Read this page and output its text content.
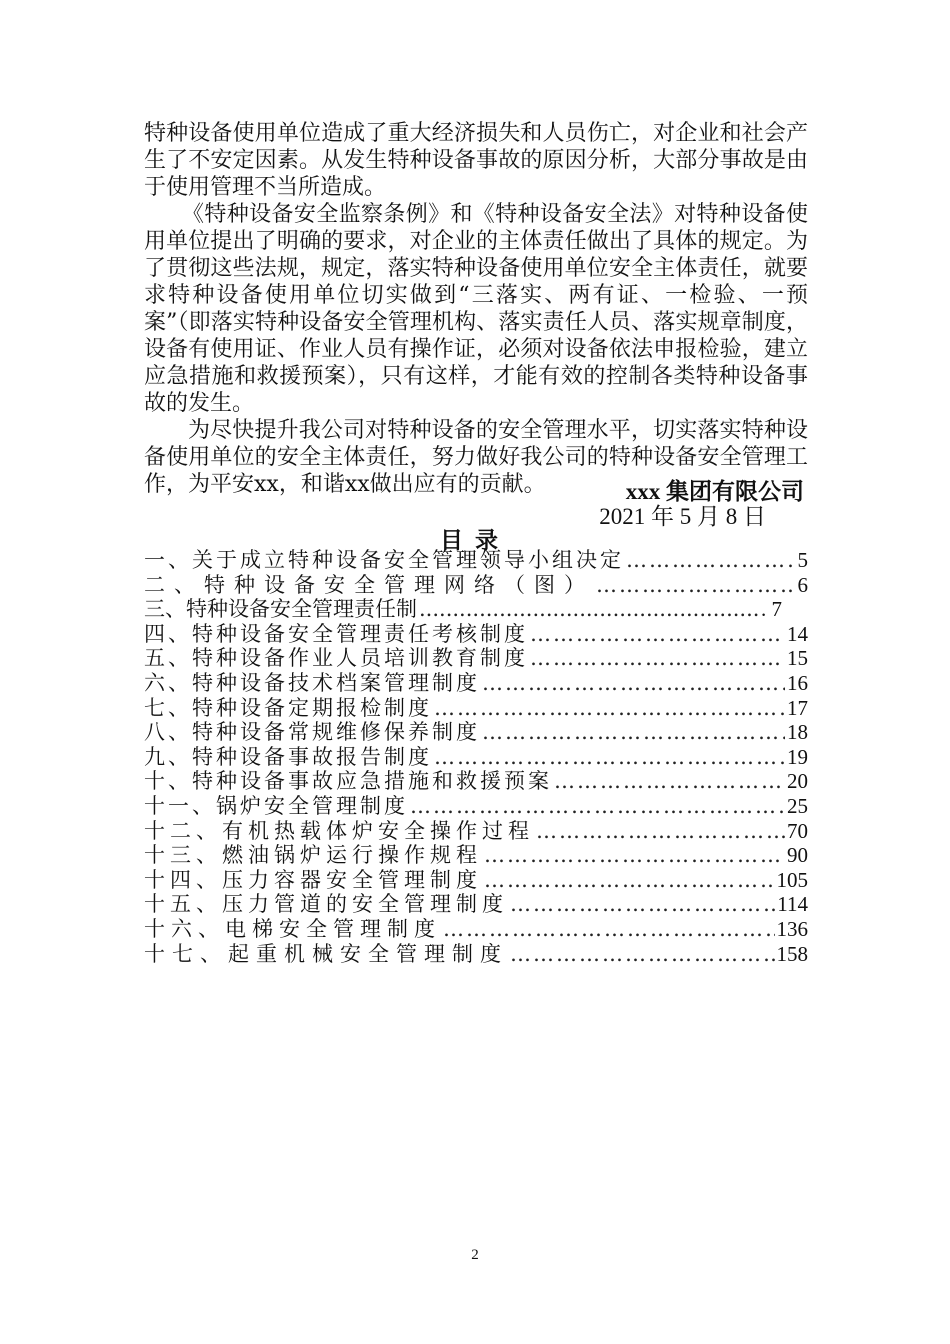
特种设备使用单位造成了重大经济损失和人员伤亡，对企业和社会产生了不安定因素。从发生特种设备事故的原因分析，大部分事故是由于使用管理不当所造成。

《特种设备安全监察条例》和《特种设备安全法》对特种设备使用单位提出了明确的要求，对企业的主体责任做出了具体的规定。为了贯彻这些法规，规定，落实特种设备使用单位安全主体责任，就要求特种设备使用单位切实做到“三落实、两有证、一检验、一预案”（即落实特种设备安全管理机构、落实责任人员、落实规章制度，设备有使用证、作业人员有操作证，必须对设备依法申报检验，建立应急措施和救援预案），只有这样，才能有效的控制各类特种设备事故的发生。

为尽快提升我公司对特种设备的安全管理水平，切实落实特种设备使用单位的安全主体责任，努力做好我公司的特种设备安全管理工作，为平安xx，和谐xx做出应有的贡献。	xxx 集团有限公司
2021 年 5 月 8 日
目录
一、关于成立特种设备安全管理领导小组决定 ……………………………………………………………………………………………………	5
二、特种设备安全管理网络（图） ……………………………………………………………………………………………………	6
三、特种设备安全管理责任制 .....	. 7
四、特种设备安全管理责任考核制度 ……………………………………………………………………………………………………	14
五、特种设备作业人员培训教育制度 ……………………………………………………………………………………………………	15
六、特种设备技术档案管理制度 ……………………………………………………………………………………………………	16
七、特种设备定期报检制度 ……………………………………………………………………………………………………	17
八、特种设备常规维修保养制度 ……………………………………………………………………………………………………	18
九、特种设备事故报告制度 ……………………………………………………………………………………………………	19
十、特种设备事故应急措施和救援预案 ……………………………………………………………………………………………………	20
十一、锅炉安全管理制度 ……………………………………………………………………………………………………	25
十二、有机热载体炉安全操作过程 ……………………………………………………………………………………………………	70
十三、燃油锅炉运行操作规程 ……………………………………………………………………………………………………	90
十四、压力容器安全管理制度 ……………………………………………………………………………………………………	105
十五、压力管道的安全管理制度 ……………………………………………………………………………………………………	114
十六、电梯安全管理制度 ……………………………………………………………………………………………………	136
十七、起重机械安全管理制度 ……………………………………………………………………………………………………	158
2
